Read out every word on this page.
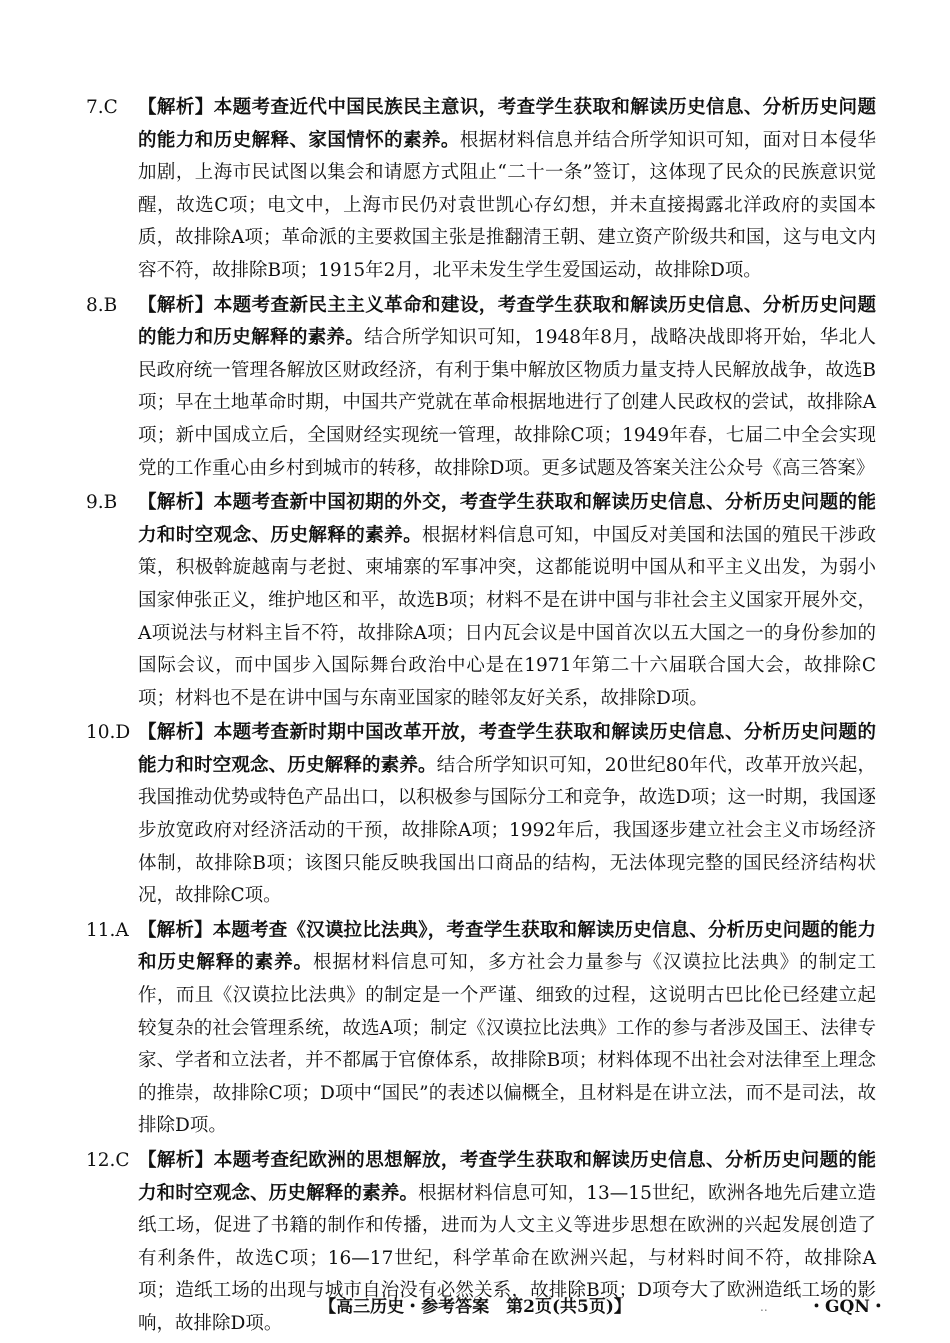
7.C	【解析】本题考查近代中国民族民主意识，考查学生获取和解读历史信息、分析历史问题的能力和历史解释、家国情怀的素养。根据材料信息并结合所学知识可知，面对日本侵华加剧，上海市民试图以集会和请愿方式阻止“二十一条”签订，这体现了民众的民族意识觉醒，故选C项；电文中，上海市民仍对袁世凯心存幻想，并未直接揭露北洋政府的卖国本质，故排除A项；革命派的主要救国主张是推翻清王朝、建立资产阶级共和国，这与电文内容不符，故排除B项；1915年2月，北平未发生学生爱国运动，故排除D项。
8.B	【解析】本题考查新民主主义革命和建设，考查学生获取和解读历史信息、分析历史问题的能力和历史解释的素养。结合所学知识可知，1948年8月，战略决战即将开始，华北人民政府统一管理各解放区财政经济，有利于集中解放区物质力量支持人民解放战争，故选B项；早在土地革命时期，中国共产党就在革命根据地进行了创建人民政权的尝试，故排除A项；新中国成立后，全国财经实现统一管理，故排除C项；1949年春，七届二中全会实现党的工作重心由乡村到城市的转移，故排除D项。更多试题及答案关注公众号《高三答案》
9.B	【解析】本题考查新中国初期的外交，考查学生获取和解读历史信息、分析历史问题的能力和时空观念、历史解释的素养。根据材料信息可知，中国反对美国和法国的殖民干涉政策，积极斡旋越南与老挝、柬埔寨的军事冲突，这都能说明中国从和平主义出发，为弱小国家伸张正义，维护地区和平，故选B项；材料不是在讲中国与非社会主义国家开展外交，A项说法与材料主旨不符，故排除A项；日内瓦会议是中国首次以五大国之一的身份参加的国际会议，而中国步入国际舞台政治中心是在1971年第二十六届联合国大会，故排除C项；材料也不是在讲中国与东南亚国家的睦邻友好关系，故排除D项。
10.D 【解析】本题考查新时期中国改革开放，考查学生获取和解读历史信息、分析历史问题的能力和时空观念、历史解释的素养。结合所学知识可知，20世纪80年代，改革开放兴起，我国推动优势或特色产品出口，以积极参与国际分工和竞争，故选D项；这一时期，我国逐步放宽政府对经济活动的干预，故排除A项；1992年后，我国逐步建立社会主义市场经济体制，故排除B项；该图只能反映我国出口商品的结构，无法体现完整的国民经济结构状况，故排除C项。
11.A 【解析】本题考查《汉谟拉比法典》，考查学生获取和解读历史信息、分析历史问题的能力和历史解释的素养。根据材料信息可知，多方社会力量参与《汉谟拉比法典》的制定工作，而且《汉谟拉比法典》的制定是一个严谨、细致的过程，这说明古巴比伦已经建立起较复杂的社会管理系统，故选A项；制定《汉谟拉比法典》工作的参与者涉及国王、法律专家、学者和立法者，并不都属于官僚体系，故排除B项；材料体现不出社会对法律至上理念的推崇，故排除C项；D项中“国民”的表述以偏概全，且材料是在讲立法，而不是司法，故排除D项。
12.C 【解析】本题考查纪欧洲的思想解放，考查学生获取和解读历史信息、分析历史问题的能力和时空观念、历史解释的素养。根据材料信息可知，13—15世纪，欧洲各地先后建立造纸工场，促进了书籍的制作和传播，进而为人文主义等进步思想在欧洲的兴起发展创造了有利条件，故选C项；16—17世纪，科学革命在欧洲兴起，与材料时间不符，故排除A项；造纸工场的出现与城市自治没有必然关系，故排除B项；D项夸大了欧洲造纸工场的影响，故排除D项。
【高三历史・参考答案　第2页(共5页)】	.. ・GQN・
